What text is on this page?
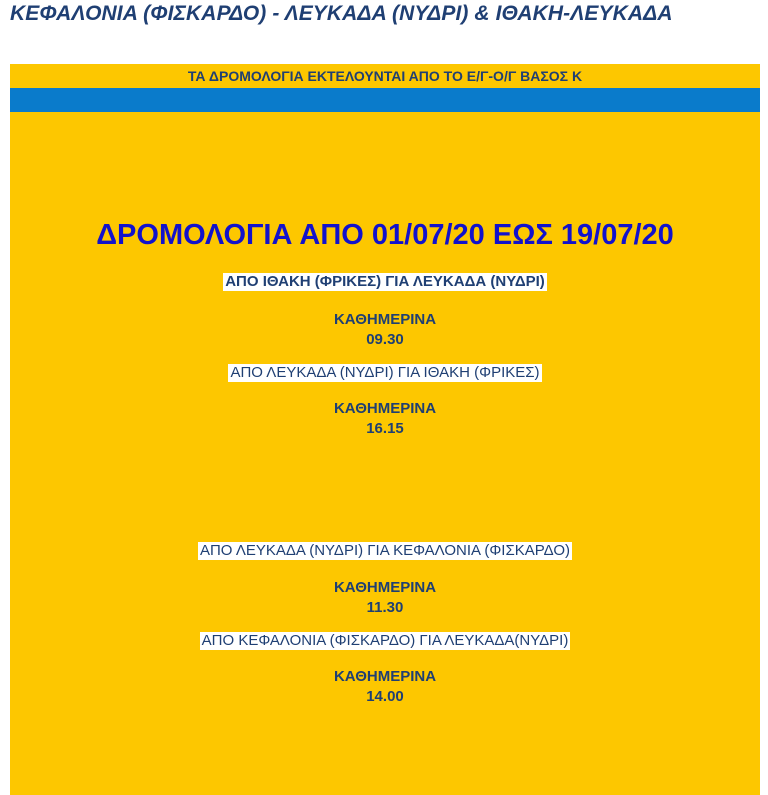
ΚΕΦΑΛΟΝΙΑ (ΦΙΣΚΑΡΔΟ) - ΛΕΥΚΑΔΑ (ΝΥΔΡΙ) & ΙΘΑΚΗ-ΛΕΥΚΑΔΑ
ΤΑ ΔΡΟΜΟΛΟΓΙΑ ΕΚΤΕΛΟΥΝΤΑΙ ΑΠΟ ΤΟ Ε/Γ-Ο/Γ ΒΑΣΟΣ Κ
ΔΡΟΜΟΛΟΓΙΑ ΑΠΟ 01/07/20 ΕΩΣ 19/07/20
ΑΠΟ ΙΘΑΚΗ (ΦΡΙΚΕΣ) ΓΙΑ ΛΕΥΚΑΔΑ (ΝΥΔΡΙ)
ΚΑΘΗΜΕΡΙΝΑ
09.30
ΑΠΟ ΛΕΥΚΑΔΑ (ΝΥΔΡΙ) ΓΙΑ ΙΘΑΚΗ (ΦΡΙΚΕΣ)
ΚΑΘΗΜΕΡΙΝΑ
16.15
ΑΠΟ ΛΕΥΚΑΔΑ (ΝΥΔΡΙ) ΓΙΑ ΚΕΦΑΛΟΝΙΑ (ΦΙΣΚΑΡΔΟ)
ΚΑΘΗΜΕΡΙΝΑ
11.30
ΑΠΟ ΚΕΦΑΛΟΝΙΑ (ΦΙΣΚΑΡΔΟ) ΓΙΑ ΛΕΥΚΑΔΑ(ΝΥΔΡΙ)
ΚΑΘΗΜΕΡΙΝΑ
14.00
